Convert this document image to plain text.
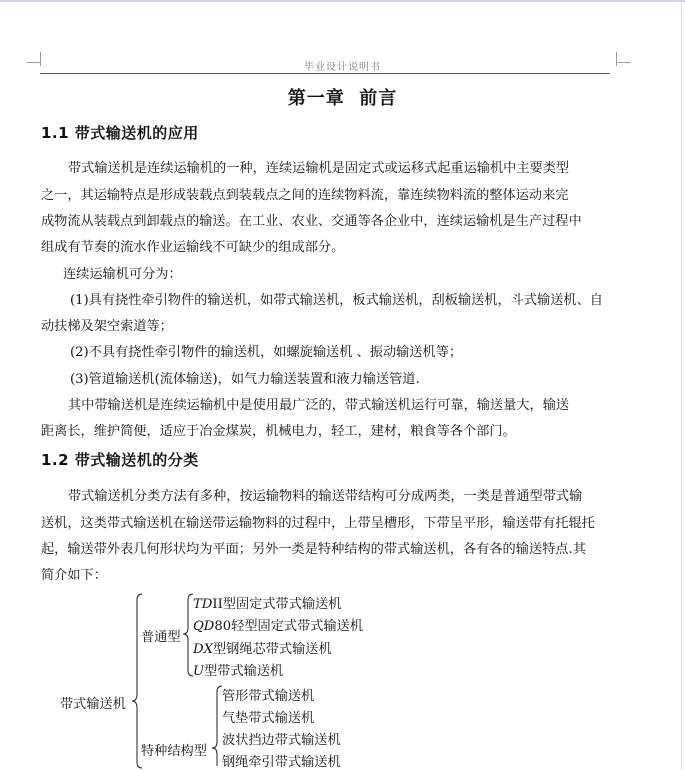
毕业设计说明书
第一章  前言
1.1 带式输送机的应用
带式输送机是连续运输机的一种，连续运输机是固定式或运移式起重运输机中主要类型
之一，其运输特点是形成装载点到装载点之间的连续物料流，靠连续物料流的整体运动来完
成物流从装载点到卸载点的输送。在工业、农业、交通等各企业中，连续运输机是生产过程中
组成有节奏的流水作业运输线不可缺少的组成部分。
连续运输机可分为：
(1)具有挠性牵引物件的输送机，如带式输送机，板式输送机，刮板输送机，斗式输送机、自
动扶梯及架空索道等；
(2)不具有挠性牵引物件的输送机，如螺旋输送机 、振动输送机等；
(3)管道输送机(流体输送)，如气力输送装置和液力输送管道.
其中带输送机是连续运输机中是使用最广泛的，带式输送机运行可靠，输送量大，输送
距离长，维护简便，适应于冶金煤炭，机械电力，轻工，建材，粮食等各个部门。
1.2 带式输送机的分类
带式输送机分类方法有多种，按运输物料的输送带结构可分成两类，一类是普通型带式输
送机，这类带式输送机在输送带运输物料的过程中，上带呈槽形，下带呈平形，输送带有托辊托
起，输送带外表几何形状均为平面；另外一类是特种结构的带式输送机，各有各的输送特点.其
简介如下：
带式输送机
普通型
特种结构型
TDII型固定式带式输送机
QD80轻型固定式带式输送机
DX型钢绳芯带式输送机
U型带式输送机
管形带式输送机
气垫带式输送机
波状挡边带式输送机
钢绳牵引带式输送机
